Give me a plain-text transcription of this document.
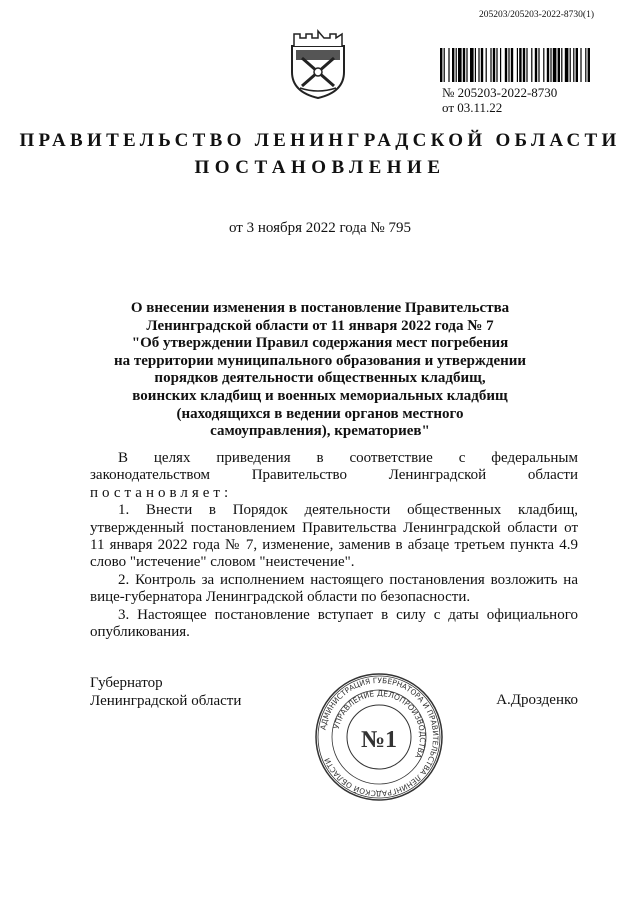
205203/205203-2022-8730(1)
№ 205203-2022-8730
от 03.11.22
ПРАВИТЕЛЬСТВО ЛЕНИНГРАДСКОЙ ОБЛАСТИ
ПОСТАНОВЛЕНИЕ
от 3 ноября 2022 года № 795
О внесении изменения в постановление Правительства
Ленинградской области от 11 января 2022 года № 7
"Об утверждении Правил содержания мест погребения
на территории муниципального образования и утверждении
порядков деятельности общественных кладбищ,
воинских кладбищ и военных мемориальных кладбищ
(находящихся в ведении органов местного
самоуправления), крематориев"
В целях приведения в соответствие с федеральным
законодательством	Правительство	Ленинградской	области
постановляет:

1. Внести в Порядок деятельности общественных кладбищ, утвержденный постановлением Правительства Ленинградской области от 11 января 2022 года № 7, изменение, заменив в абзаце третьем пункта 4.9 слово "истечение" словом "неистечение".

2. Контроль за исполнением настоящего постановления возложить на вице-губернатора Ленинградской области по безопасности.

3. Настоящее постановление вступает в силу с даты официального опубликования.

Губернатор
Ленинградской области
АДМИНИСТРАЦИЯ ГУБЕРНАТОРА И ПРАВИТЕЛЬСТВА ЛЕНИНГРАДСКОЙ ОБЛАСТИ
УПРАВЛЕНИЕ ДЕЛОПРОИЗВОДСТВА
№1
А.Дрозденко
